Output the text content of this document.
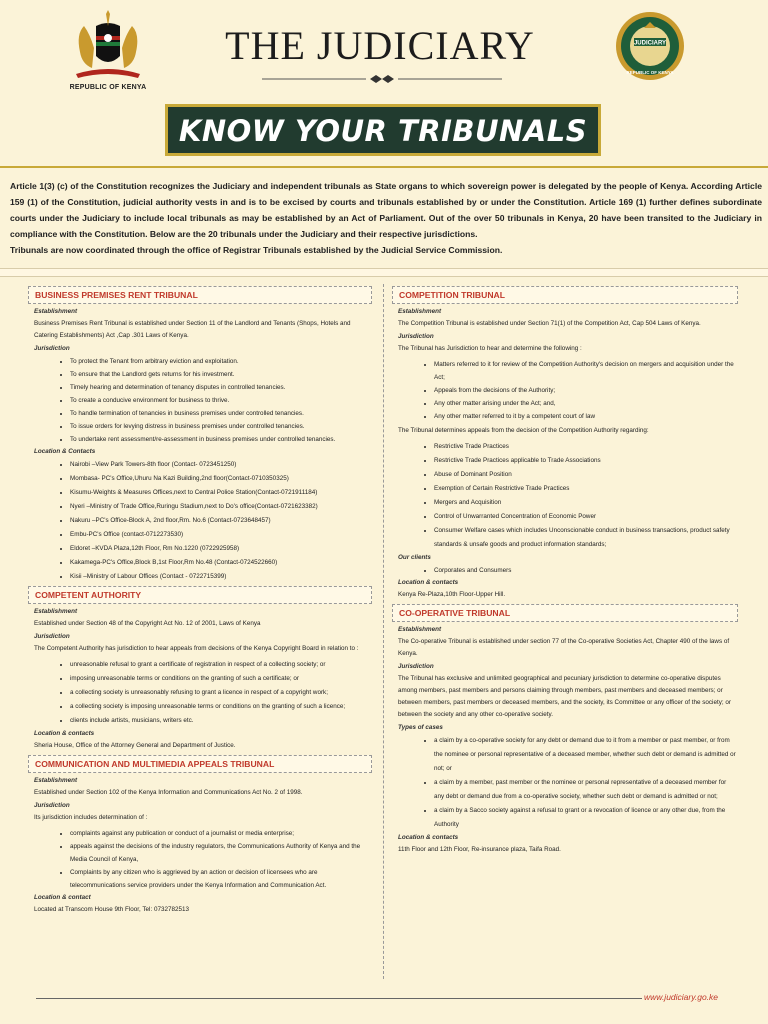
REPUBLIC OF KENYA
THE JUDICIARY	JUDICIARY
REPUBLIC OF KENYA
KNOW YOUR TRIBUNALS

Article 1(3) (c) of the Constitution recognizes the Judiciary and independent tribunals as State organs to which sovereign power is delegated by the people of Kenya. According Article 159 (1) of the Constitution, judicial authority vests in and is to be excised by courts and tribunals established by or under the Constitution. Article 169 (1) further defines subordinate courts under the Judiciary to include local tribunals as may be established by an Act of Parliament. Out of the over 50 tribunals in Kenya, 20 have been transited to the Judiciary in compliance with the Constitution. Below are the 20 tribunals under the Judiciary and their respective jurisdictions.

Tribunals are now coordinated through the office of Registrar Tribunals established by the Judicial Service Commission.

BUSINESS PREMISES RENT TRIBUNAL
Establishment

Business Premises Rent Tribunal is established under Section 11 of the Landlord and Tenants (Shops, Hotels and Catering Establishments) Act ,Cap .301 Laws of Kenya.

Jurisdiction
• To protect the Tenant from arbitrary eviction and exploitation.
• To ensure that the Landlord gets returns for his investment.
• Timely hearing and determination of tenancy disputes in controlled tenancies.
• To create a conducive environment for business to thrive.
• To handle termination of tenancies in business premises under controlled tenancies.
• To issue orders for levying distress in business premises under controlled tenancies.
• To undertake rent assessment/re-assessment in business premises under controlled tenancies.
Location & Contacts
• Nairobi –View Park Towers-8th floor (Contact- 0723451250)
• Mombasa- PC's Office,Uhuru Na Kazi Building,2nd floor(Contact-0710350325)
• Kisumu-Weights & Measures Offices,next to Central Police Station(Contact-0721911184)
• Nyeri –Ministry of Trade Office,Ruringu Stadium,next to Do's office(Contact-0721623382)
• Nakuru –PC's Office-Block A, 2nd floor,Rm. No.6 (Contact-0723648457)
• Embu-PC's Office (contact-0712273530)
• Eldoret –KVDA Plaza,12th Floor, Rm No.1220 (0722925958)
• Kakamega-PC's Office,Block B,1st Floor,Rm No.48 (Contact-0724522660)
• Kisii –Ministry of Labour Offices (Contact - 0722715399)
COMPETENT AUTHORITY
Establishment

Established under Section 48 of the Copyright Act No. 12 of 2001, Laws of Kenya

Jurisdiction

The Competent Authority has jurisdiction to hear appeals from decisions of the Kenya Copyright Board in relation to :

• unreasonable refusal to grant a certificate of registration in respect of a collecting society; or
• imposing unreasonable terms or conditions on the granting of such a certificate; or
• a collecting society is unreasonably refusing to grant a licence in respect of a copyright work;
• a collecting society is imposing unreasonable terms or conditions on the granting of such a licence;
• clients include artists, musicians, writers etc.
Location & contacts

Sheria House, Office of the Attorney General and Department of Justice.

COMMUNICATION AND MULTIMEDIA APPEALS TRIBUNAL
Establishment

Established under Section 102 of the Kenya Information and Communications Act No. 2 of 1998.

Jurisdiction

Its jurisdiction includes determination of :

• complaints against any publication or conduct of a journalist or media enterprise;
• appeals against the decisions of the industry regulators, the Communications Authority of Kenya and the Media Council of Kenya,
• Complaints by any citizen who is aggrieved by an action or decision of licensees who are telecommunications service providers under the Kenya Information and Communication Act.
Location & contact

Located at Transcom House 9th Floor, Tel: 0732782513

COMPETITION TRIBUNAL
Establishment

The Competition Tribunal is established under Section 71(1) of the Competition Act, Cap 504 Laws of Kenya.

Jurisdiction

The Tribunal has Jurisdiction to hear and determine the following :

• Matters referred to it for review of the Competition Authority's decision on mergers and acquisition under the Act;
• Appeals from the decisions of the Authority;
• Any other matter arising under the Act; and,
• Any other matter referred to it by a competent court of law

The Tribunal determines appeals from the decision of the Competition Authority regarding:

• Restrictive Trade Practices
• Restrictive Trade Practices applicable to Trade Associations
• Abuse of Dominant Position
• Exemption of Certain Restrictive Trade Practices
• Mergers and Acquisition
• Control of Unwarranted Concentration of Economic Power
• Consumer Welfare cases which includes Unconscionable conduct in business transactions, product safety standards & unsafe goods and product information standards;
Our clients
• Corporates and Consumers
Location & contacts

Kenya Re-Plaza,10th Floor-Upper Hill.

CO-OPERATIVE TRIBUNAL
Establishment

The Co-operative Tribunal is established under section 77 of the Co-operative Societies Act, Chapter 490 of the laws of Kenya.

Jurisdiction

The Tribunal has exclusive and unlimited geographical and pecuniary jurisdiction to determine co-operative disputes among members, past members and persons claiming through members, past members and deceased members; or between members, past members or deceased members, and the society, its Committee or any officer of the society; or between the society and any other co-operative society.

Types of cases
• a claim by a co-operative society for any debt or demand due to it from a member or past member, or from the nominee or personal representative of a deceased member, whether such debt or demand is admitted or not; or
• a claim by a member, past member or the nominee or personal representative of a deceased member for any debt or demand due from a co-operative society, whether such debt or demand is admitted or not;
• a claim by a Sacco society against a refusal to grant or a revocation of licence or any other due, from the Authority
Location & contacts

11th Floor and 12th Floor, Re-insurance plaza, Taifa Road.

www.judiciary.go.ke
